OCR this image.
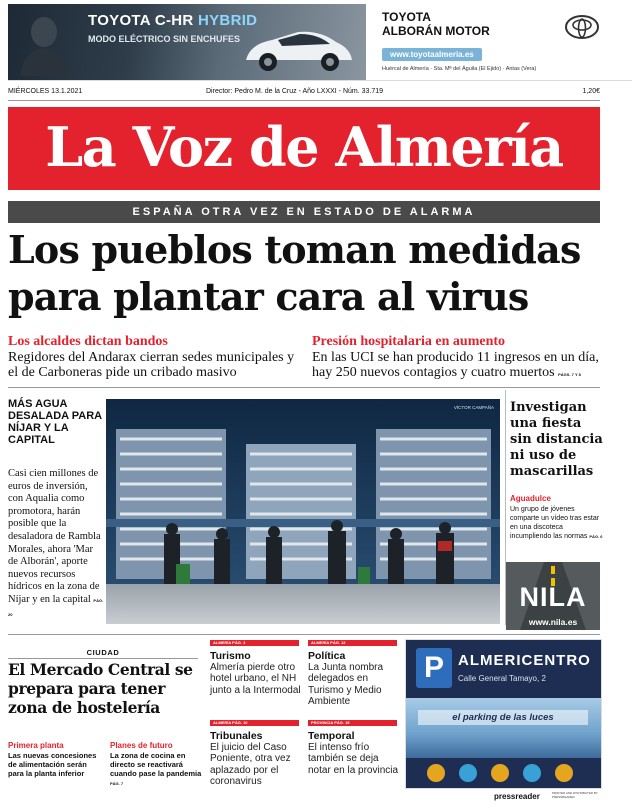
TOYOTA C-HR HYBRID
MODO ELÉCTRICO SIN ENCHUFES
TOYOTA
ALBORÁN MOTOR
www.toyotaalmeria.es
Huércal de Almería · Sta. Mª del Águila (El Ejido) · Antas (Vera)
MIÉRCOLES 13.1.2021	Director: Pedro M. de la Cruz - Año LXXXI - Núm. 33.719	1,20€
La Voz de Almería
ESPAÑA OTRA VEZ EN ESTADO DE ALARMA
Los pueblos toman medidas
para plantar cara al virus
Los alcaldes dictan bandos
Regidores del Andarax cierran sedes municipales y el de Carboneras pide un cribado masivo
Presión hospitalaria en aumento
En las UCI se han producido 11 ingresos en un día, hay 250 nuevos contagios y cuatro muertos PÁGS. 7 Y 8
MÁS AGUA DESALADA PARA NÍJAR Y LA CAPITAL
Casi cien millones de euros de inversión, con Aqualia como promotora, harán posible que la desaladora de Rambla Morales, ahora 'Mar de Alborán', aporte nuevos recursos hídricos en la zona de Níjar y en la capital PÁG. 20
VÍCTOR CAMPAÑA Investigan una fiesta sin distancia ni uso de mascarillas
Aguadulce
Un grupo de jóvenes comparte un vídeo tras estar en una discoteca incumpliendo las normas PÁG. 6
NILA
www.nila.es
CIUDAD
El Mercado Central se prepara para tener zona de hostelería
Primera planta
Las nuevas concesiones de alimentación serán para la planta inferior
Planes de futuro
La zona de cocina en directo se reactivará cuando pase la pandemia PÁG. 7
ALMERÍA PÁG. 3
Turismo
Almería pierde otro hotel urbano, el NH junto a la Intermodal
ALMERÍA PÁG. 12
Política
La Junta nombra delegados en Turismo y Medio Ambiente
ALMERÍA PÁG. 10
Tribunales
El juicio del Caso Poniente, otra vez aplazado por el coronavirus
PROVINCIA PÁG. 15
Temporal
El intenso frío también se deja notar en la provincia
P ALMERICENTRO
Calle General Tamayo, 2
el parking de las luces
pressreader	PRINTED AND DISTRIBUTED BY PRESSREADER
